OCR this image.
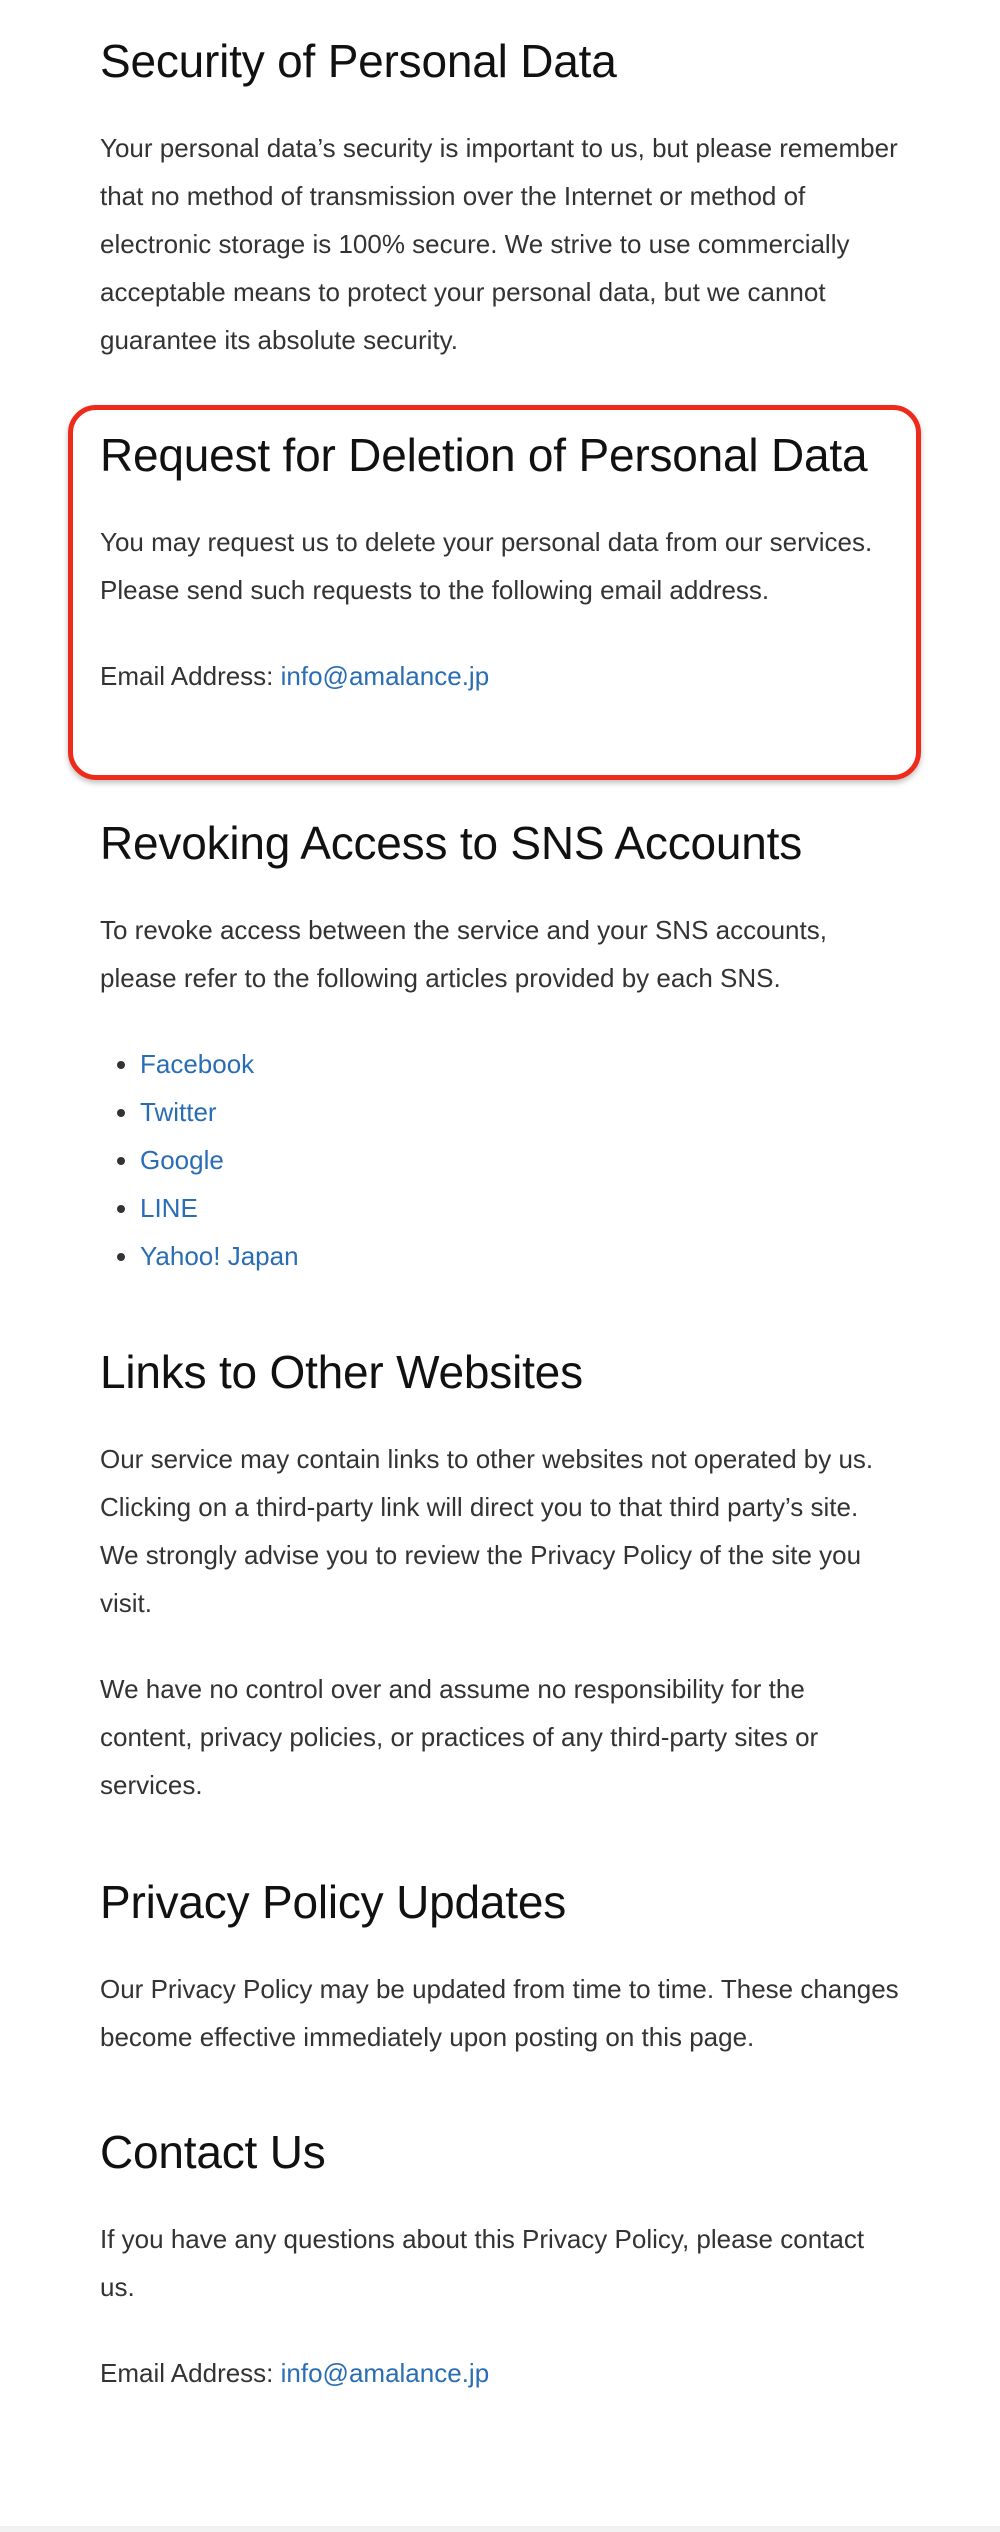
Security of Personal Data

Your personal data’s security is important to us, but please remember that no method of transmission over the Internet or method of electronic storage is 100% secure. We strive to use commercially acceptable means to protect your personal data, but we cannot guarantee its absolute security.

Request for Deletion of Personal Data

You may request us to delete your personal data from our services. Please send such requests to the following email address.

Email Address: info@amalance.jp

Revoking Access to SNS Accounts

To revoke access between the service and your SNS accounts, please refer to the following articles provided by each SNS.

• Facebook
• Twitter
• Google
• LINE
• Yahoo! Japan
Links to Other Websites

Our service may contain links to other websites not operated by us. Clicking on a third-party link will direct you to that third party’s site. We strongly advise you to review the Privacy Policy of the site you visit.

We have no control over and assume no responsibility for the content, privacy policies, or practices of any third-party sites or services.

Privacy Policy Updates

Our Privacy Policy may be updated from time to time. These changes become effective immediately upon posting on this page.

Contact Us

If you have any questions about this Privacy Policy, please contact us.

Email Address: info@amalance.jp
